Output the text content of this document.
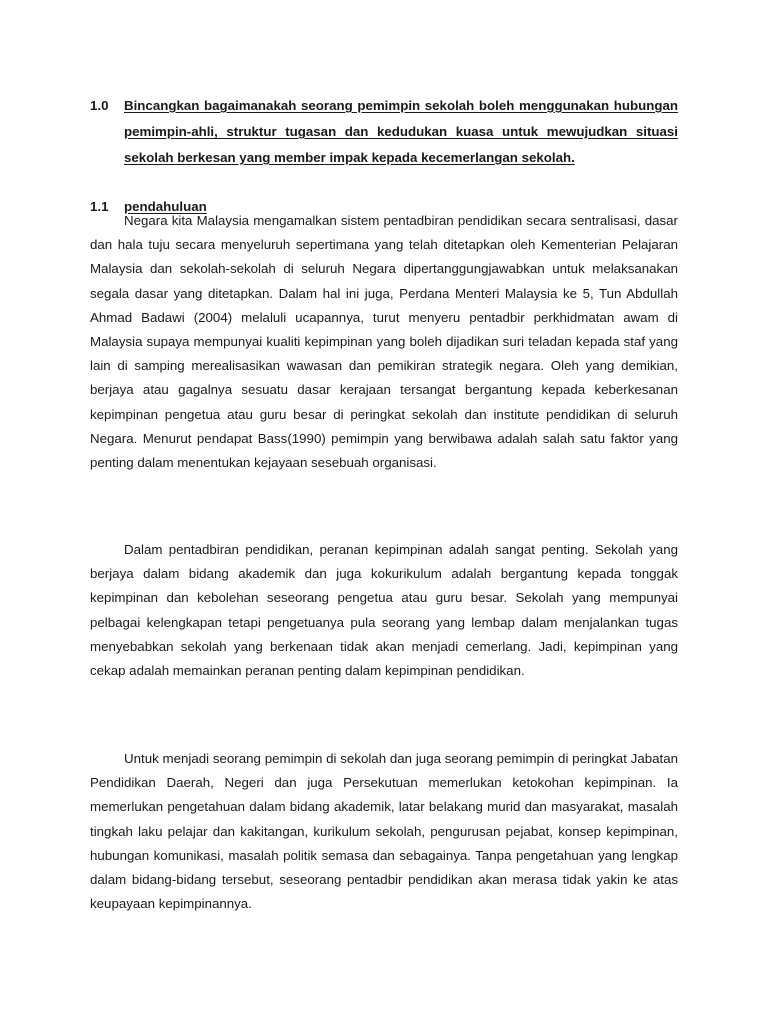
1.0 Bincangkan bagaimanakah seorang pemimpin sekolah boleh menggunakan hubungan pemimpin-ahli, struktur tugasan dan kedudukan kuasa untuk mewujudkan situasi sekolah berkesan yang member impak kepada kecemerlangan sekolah.
1.1 pendahuluan

Negara kita Malaysia mengamalkan sistem pentadbiran pendidikan secara sentralisasi, dasar dan hala tuju secara menyeluruh sepertimana yang telah ditetapkan oleh Kementerian Pelajaran Malaysia dan sekolah-sekolah di seluruh Negara dipertanggungjawabkan untuk melaksanakan segala dasar yang ditetapkan. Dalam hal ini juga, Perdana Menteri Malaysia ke 5, Tun Abdullah Ahmad Badawi (2004) melaluli ucapannya, turut menyeru pentadbir perkhidmatan awam di Malaysia supaya mempunyai kualiti kepimpinan yang boleh dijadikan suri teladan kepada staf yang lain di samping merealisasikan wawasan dan pemikiran strategik negara. Oleh yang demikian, berjaya atau gagalnya sesuatu dasar kerajaan tersangat bergantung kepada keberkesanan kepimpinan pengetua atau guru besar di peringkat sekolah dan institute pendidikan di seluruh Negara. Menurut pendapat Bass(1990) pemimpin yang berwibawa adalah salah satu faktor yang penting dalam menentukan kejayaan sesebuah organisasi.

Dalam pentadbiran pendidikan, peranan kepimpinan adalah sangat penting. Sekolah yang berjaya dalam bidang akademik dan juga kokurikulum adalah bergantung kepada tonggak kepimpinan dan kebolehan seseorang pengetua atau guru besar. Sekolah yang mempunyai pelbagai kelengkapan tetapi pengetuanya pula seorang yang lembap dalam menjalankan tugas menyebabkan sekolah yang berkenaan tidak akan menjadi cemerlang. Jadi, kepimpinan yang cekap adalah memainkan peranan penting dalam kepimpinan pendidikan.

Untuk menjadi seorang pemimpin di sekolah dan juga seorang pemimpin di peringkat Jabatan Pendidikan Daerah, Negeri dan juga Persekutuan memerlukan ketokohan kepimpinan. Ia memerlukan pengetahuan dalam bidang akademik, latar belakang murid dan masyarakat, masalah tingkah laku pelajar dan kakitangan, kurikulum sekolah, pengurusan pejabat, konsep kepimpinan, hubungan komunikasi, masalah politik semasa dan sebagainya. Tanpa pengetahuan yang lengkap dalam bidang-bidang tersebut, seseorang pentadbir pendidikan akan merasa tidak yakin ke atas keupayaan kepimpinannya.
